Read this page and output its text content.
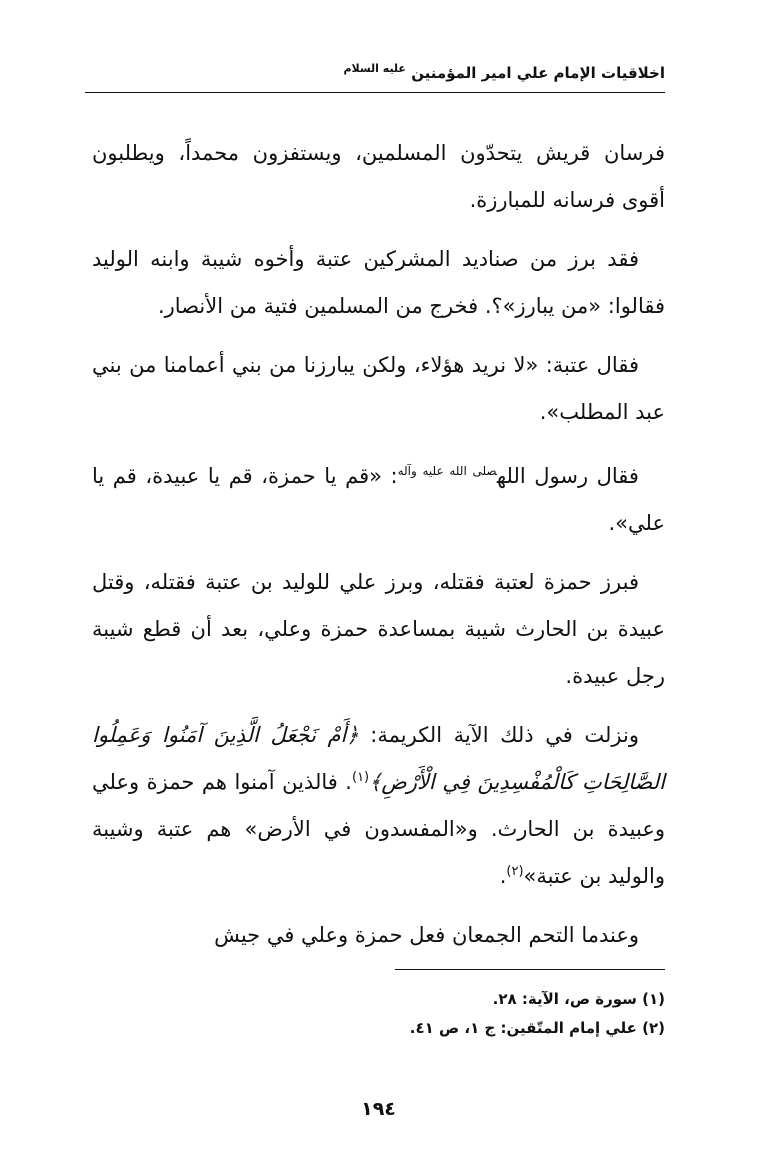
اخلاقيات الإمام علي امير المؤمنين $^{عليه السلام}$

فرسان قريش يتحدّون المسلمين، ويستفزون محمداً، ويطلبون أقوى فرسانه للمبارزة.

فقد برز من صناديد المشركين عتبة وأخوه شيبة وابنه الوليد فقالوا: «من يبارز»؟. فخرج من المسلمين فتية من الأنصار.

فقال عتبة: «لا نريد هؤلاء، ولكن يبارزنا من بني أعمامنا من بني عبد المطلب».

فقال رسول الله$^{صلى الله عليه وآله}$: «قم يا حمزة، قم يا عبيدة، قم يا علي».

فبرز حمزة لعتبة فقتله، وبرز علي للوليد بن عتبة فقتله، وقتل عبيدة بن الحارث شيبة بمساعدة حمزة وعلي، بعد أن قطع شيبة رجل عبيدة.

ونزلت في ذلك الآية الكريمة: ﴿أَمْ نَجْعَلُ الَّذِينَ آمَنُوا وَعَمِلُوا الصَّالِحَاتِ كَالْمُفْسِدِينَ فِي الْأَرْضِ﴾$^{(١)}$. فالذين آمنوا هم حمزة وعلي وعبيدة بن الحارث. و«المفسدون في الأرض» هم عتبة وشيبة والوليد بن عتبة»$^{(٢)}$.

وعندما التحم الجمعان فعل حمزة وعلي في جيش

(١) سورة ص، الآية: ٢٨.
(٢) علي إمام المتّقين: ج ١، ص ٤١.
١٩٤
